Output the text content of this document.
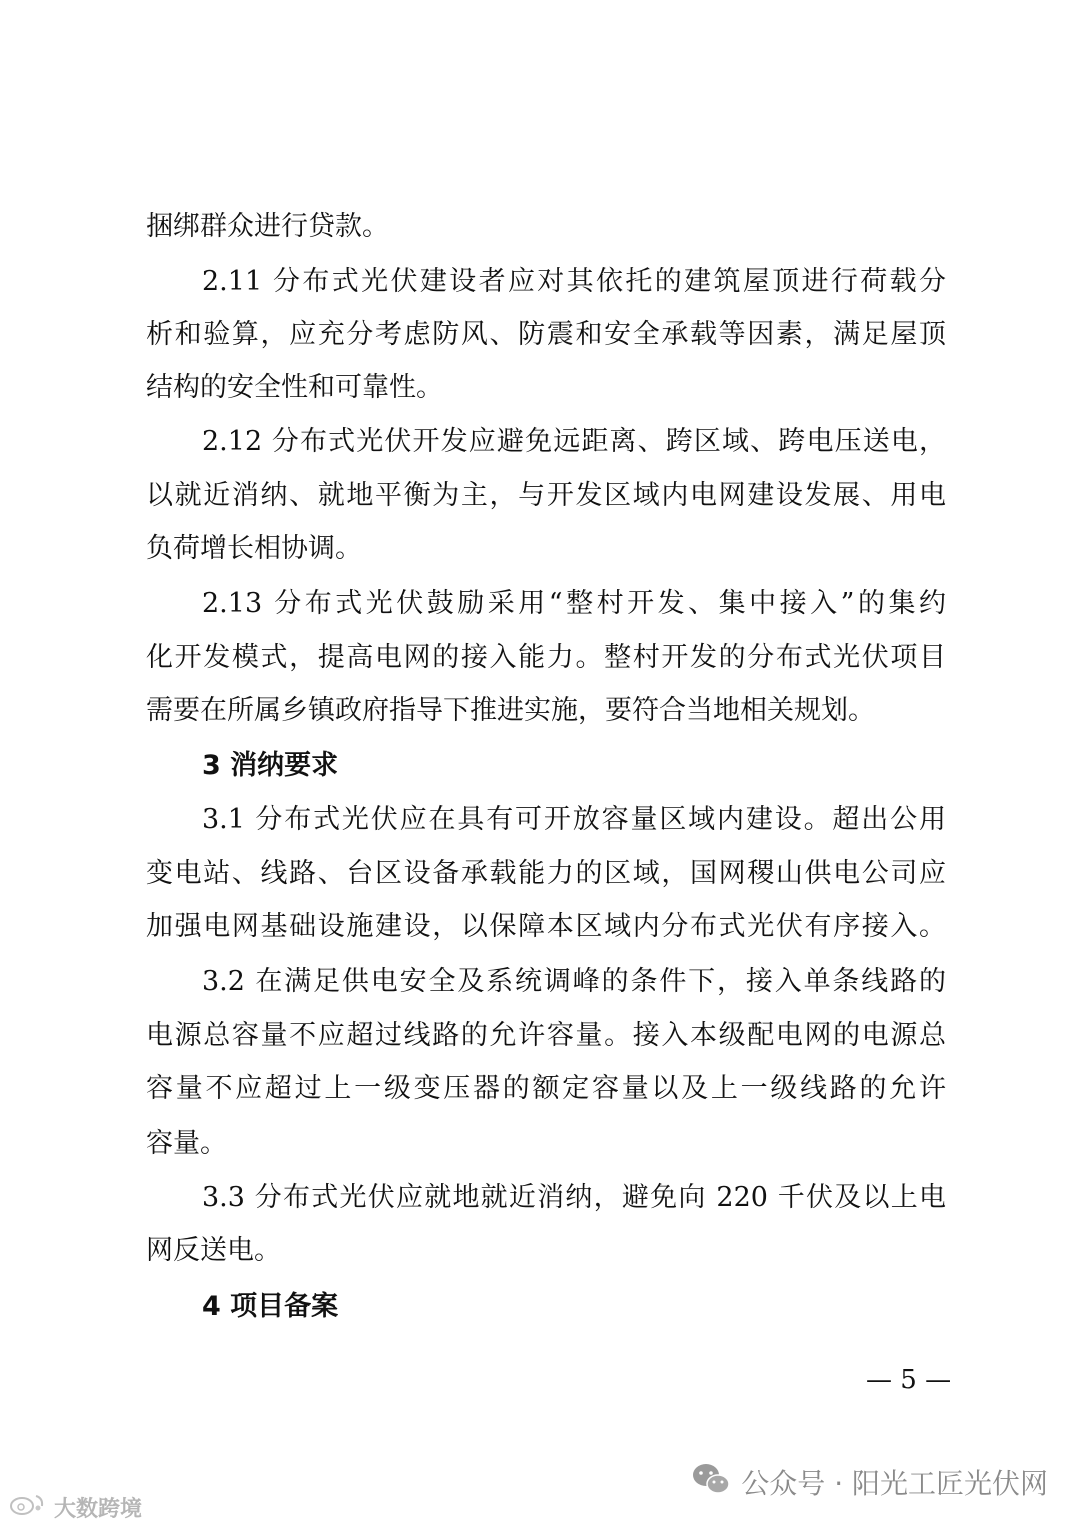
捆绑群众进行贷款。
2.11 分布式光伏建设者应对其依托的建筑屋顶进行荷载分
析和验算，应充分考虑防风、防震和安全承载等因素，满足屋顶
结构的安全性和可靠性。
2.12 分布式光伏开发应避免远距离、跨区域、跨电压送电，
以就近消纳、就地平衡为主，与开发区域内电网建设发展、用电
负荷增长相协调。
2.13 分布式光伏鼓励采用“整村开发、集中接入”的集约
化开发模式，提高电网的接入能力。整村开发的分布式光伏项目
需要在所属乡镇政府指导下推进实施，要符合当地相关规划。
3 消纳要求
3.1 分布式光伏应在具有可开放容量区域内建设。超出公用
变电站、线路、台区设备承载能力的区域，国网稷山供电公司应
加强电网基础设施建设，以保障本区域内分布式光伏有序接入。
3.2 在满足供电安全及系统调峰的条件下，接入单条线路的
电源总容量不应超过线路的允许容量。接入本级配电网的电源总
容量不应超过上一级变压器的额定容量以及上一级线路的允许
容量。
3.3 分布式光伏应就地就近消纳，避免向 220 千伏及以上电
网反送电。
4 项目备案
— 5 —
公众号 · 阳光工匠光伏网
大数跨境
